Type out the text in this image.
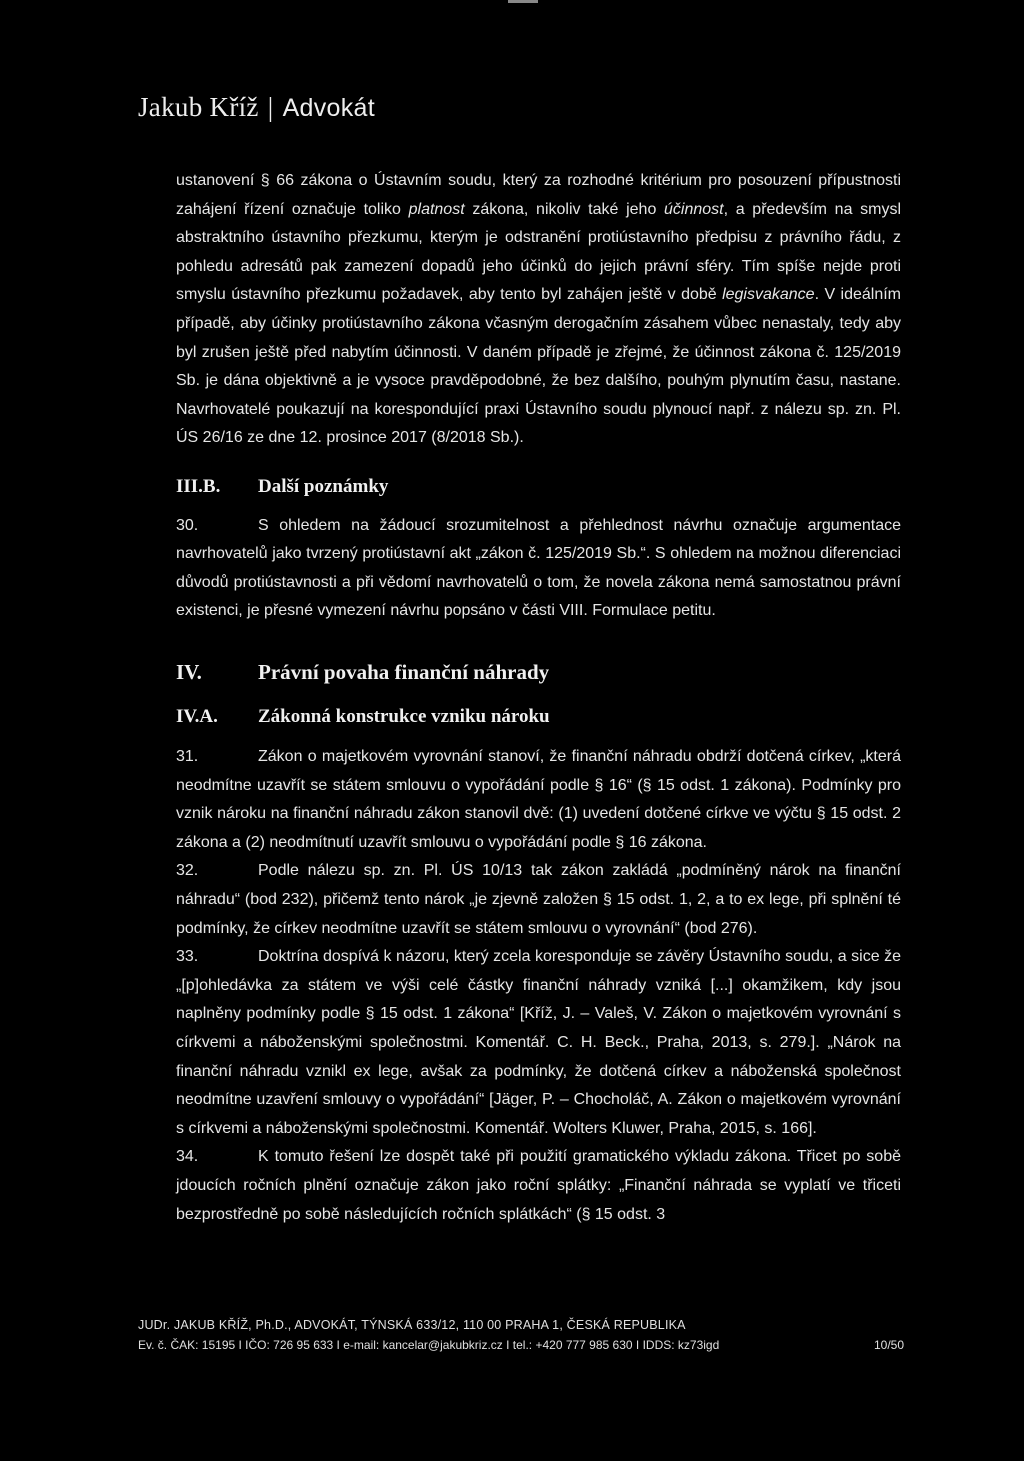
Jakub Kříž | Advokát

ustanovení § 66 zákona o Ústavním soudu, který za rozhodné kritérium pro posouzení přípustnosti zahájení řízení označuje toliko platnost zákona, nikoliv také jeho účinnost, a především na smysl abstraktního ústavního přezkumu, kterým je odstranění protiústavního předpisu z právního řádu, z pohledu adresátů pak zamezení dopadů jeho účinků do jejich právní sféry. Tím spíše nejde proti smyslu ústavního přezkumu požadavek, aby tento byl zahájen ještě v době legisvakance. V ideálním případě, aby účinky protiústavního zákona včasným derogačním zásahem vůbec nenastaly, tedy aby byl zrušen ještě před nabytím účinnosti. V daném případě je zřejmé, že účinnost zákona č. 125/2019 Sb. je dána objektivně a je vysoce pravděpodobné, že bez dalšího, pouhým plynutím času, nastane. Navrhovatelé poukazují na korespondující praxi Ústavního soudu plynoucí např. z nálezu sp. zn. Pl. ÚS 26/16 ze dne 12. prosince 2017 (8/2018 Sb.).

III.B.	Další poznámky

30.	S ohledem na žádoucí srozumitelnost a přehlednost návrhu označuje argumentace navrhovatelů jako tvrzený protiústavní akt „zákon č. 125/2019 Sb.“. S ohledem na možnou diferenciaci důvodů protiústavnosti a při vědomí navrhovatelů o tom, že novela zákona nemá samostatnou právní existenci, je přesné vymezení návrhu popsáno v části VIII. Formulace petitu.

IV.	Právní povaha finanční náhrady
IV.A.	Zákonná konstrukce vzniku nároku

31.	Zákon o majetkovém vyrovnání stanoví, že finanční náhradu obdrží dotčená církev, „která neodmítne uzavřít se státem smlouvu o vypořádání podle § 16“ (§ 15 odst. 1 zákona). Podmínky pro vznik nároku na finanční náhradu zákon stanovil dvě: (1) uvedení dotčené církve ve výčtu § 15 odst. 2 zákona a (2) neodmítnutí uzavřít smlouvu o vypořádání podle § 16 zákona.

32.	Podle nálezu sp. zn. Pl. ÚS 10/13 tak zákon zakládá „podmíněný nárok na finanční náhradu“ (bod 232), přičemž tento nárok „je zjevně založen § 15 odst. 1, 2, a to ex lege, při splnění té podmínky, že církev neodmítne uzavřít se státem smlouvu o vyrovnání“ (bod 276).

33.	Doktrína dospívá k názoru, který zcela koresponduje se závěry Ústavního soudu, a sice že „[p]ohledávka za státem ve výši celé částky finanční náhrady vzniká [...] okamžikem, kdy jsou naplněny podmínky podle § 15 odst. 1 zákona“ [Kříž, J. – Valeš, V. Zákon o majetkovém vyrovnání s církvemi a náboženskými společnostmi. Komentář. C. H. Beck., Praha, 2013, s. 279.]. „Nárok na finanční náhradu vznikl ex lege, avšak za podmínky, že dotčená církev a náboženská společnost neodmítne uzavření smlouvy o vypořádání“ [Jäger, P. – Chocholáč, A. Zákon o majetkovém vyrovnání s církvemi a náboženskými společnostmi. Komentář. Wolters Kluwer, Praha, 2015, s. 166].

34.	K tomuto řešení lze dospět také při použití gramatického výkladu zákona. Třicet po sobě jdoucích ročních plnění označuje zákon jako roční splátky: „Finanční náhrada se vyplatí ve třiceti bezprostředně po sobě následujících ročních splátkách“ (§ 15 odst. 3

JUDr. JAKUB KŘÍŽ, Ph.D., ADVOKÁT, TÝNSKÁ 633/12, 110 00 PRAHA 1, ČESKÁ REPUBLIKA
Ev. č. ČAK: 15195 I IČO: 726 95 633 I e-mail: kancelar@jakubkriz.cz I tel.: +420 777 985 630 I IDDS: kz73igd	10/50
